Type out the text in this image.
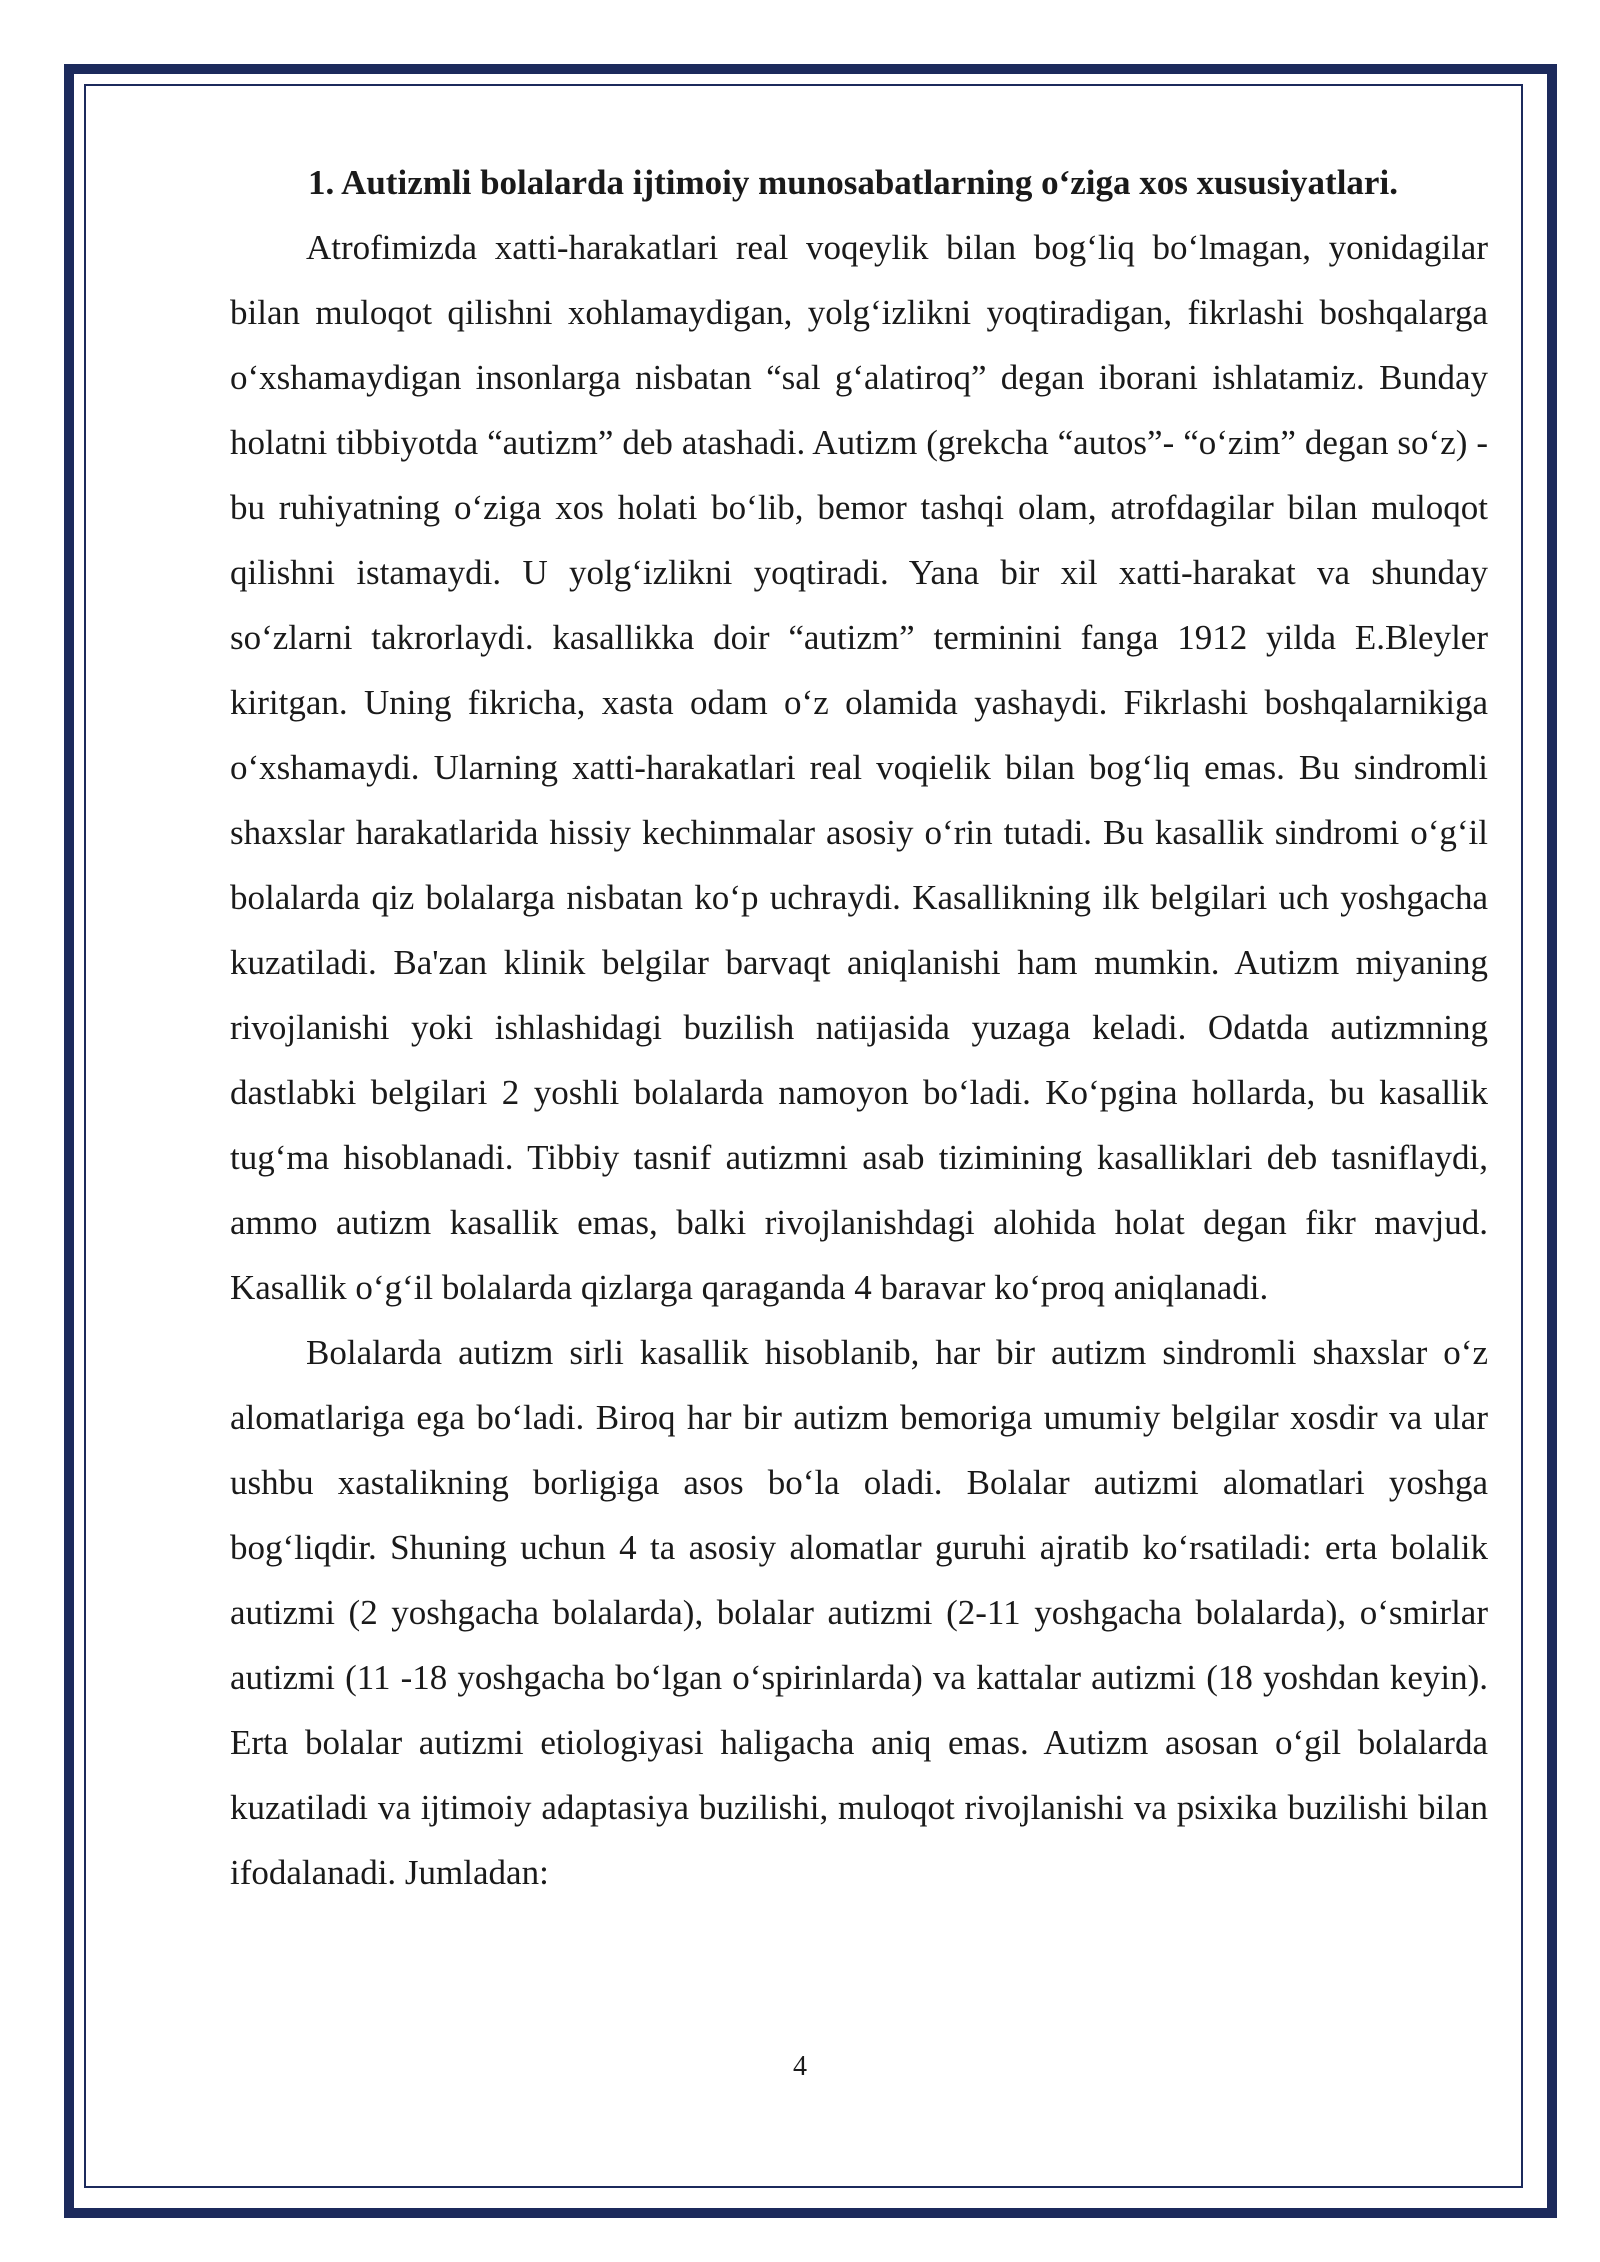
1. Autizmli bolalarda ijtimoiy munosabatlarning o‘ziga xos xususiyatlari.

Atrofimizda xatti-harakatlari real voqeylik bilan bog‘liq bo‘lmagan, yonidagilar bilan muloqot qilishni xohlamaydigan, yolg‘izlikni yoqtiradigan, fikrlashi boshqalarga o‘xshamaydigan insonlarga nisbatan “sal g‘alatiroq” degan iborani ishlatamiz. Bunday holatni tibbiyotda “autizm” deb atashadi. Autizm (grekcha “autos”- “o‘zim” degan so‘z) - bu ruhiyatning o‘ziga xos holati bo‘lib, bemor tashqi olam, atrofdagilar bilan muloqot qilishni istamaydi. U yolg‘izlikni yoqtiradi. Yana bir xil xatti-harakat va shunday so‘zlarni takrorlaydi. kasallikka doir “autizm” terminini fanga 1912 yilda E.Bleyler kiritgan. Uning fikricha, xasta odam o‘z olamida yashaydi. Fikrlashi boshqalarnikiga o‘xshamaydi. Ularning xatti-harakatlari real voqielik bilan bog‘liq emas. Bu sindromli shaxslar harakatlarida hissiy kechinmalar asosiy o‘rin tutadi. Bu kasallik sindromi o‘g‘il bolalarda qiz bolalarga nisbatan ko‘p uchraydi. Kasallikning ilk belgilari uch yoshgacha kuzatiladi. Ba'zan klinik belgilar barvaqt aniqlanishi ham mumkin. Autizm miyaning rivojlanishi yoki ishlashidagi buzilish natijasida yuzaga keladi. Odatda autizmning dastlabki belgilari 2 yoshli bolalarda namoyon bo‘ladi. Ko‘pgina hollarda, bu kasallik tug‘ma hisoblanadi. Tibbiy tasnif autizmni asab tizimining kasalliklari deb tasniflaydi, ammo autizm kasallik emas, balki rivojlanishdagi alohida holat degan fikr mavjud. Kasallik o‘g‘il bolalarda qizlarga qaraganda 4 baravar ko‘proq aniqlanadi.

Bolalarda autizm sirli kasallik hisoblanib, har bir autizm sindromli shaxslar o‘z alomatlariga ega bo‘ladi. Biroq har bir autizm bemoriga umumiy belgilar xosdir va ular ushbu xastalikning borligiga asos bo‘la oladi. Bolalar autizmi alomatlari yoshga bog‘liqdir. Shuning uchun 4 ta asosiy alomatlar guruhi ajratib ko‘rsatiladi: erta bolalik autizmi (2 yoshgacha bolalarda), bolalar autizmi (2-11 yoshgacha bolalarda), o‘smirlar autizmi (11 -18 yoshgacha bo‘lgan o‘spirinlarda) va kattalar autizmi (18 yoshdan keyin). Erta bolalar autizmi etiologiyasi haligacha aniq emas. Autizm asosan o‘gil bolalarda kuzatiladi va ijtimoiy adaptasiya buzilishi, muloqot rivojlanishi va psixika buzilishi bilan ifodalanadi. Jumladan:

4
